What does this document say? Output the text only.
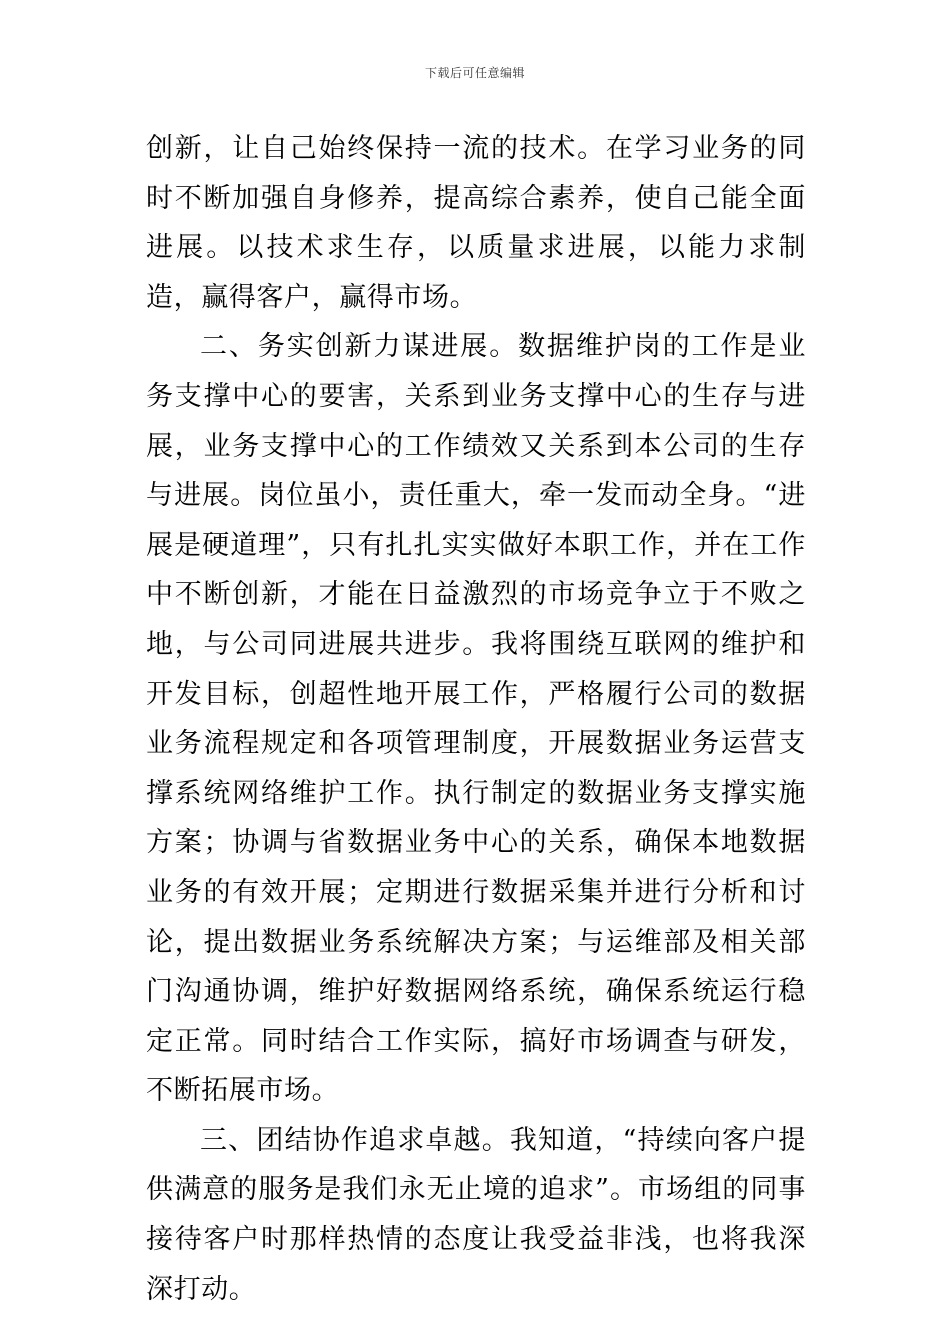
下载后可任意编辑

创新，让自己始终保持一流的技术。在学习业务的同时不断加强自身修养，提高综合素养，使自己能全面进展。以技术求生存，以质量求进展，以能力求制造，赢得客户，赢得市场。

二、务实创新力谋进展。数据维护岗的工作是业务支撑中心的要害，关系到业务支撑中心的生存与进展，业务支撑中心的工作绩效又关系到本公司的生存与进展。岗位虽小，责任重大，牵一发而动全身。“进展是硬道理”，只有扎扎实实做好本职工作，并在工作中不断创新，才能在日益激烈的市场竞争立于不败之地，与公司同进展共进步。我将围绕互联网的维护和开发目标，创超性地开展工作，严格履行公司的数据业务流程规定和各项管理制度，开展数据业务运营支撑系统网络维护工作。执行制定的数据业务支撑实施方案；协调与省数据业务中心的关系，确保本地数据业务的有效开展；定期进行数据采集并进行分析和讨论，提出数据业务系统解决方案；与运维部及相关部门沟通协调，维护好数据网络系统，确保系统运行稳定正常。同时结合工作实际，搞好市场调查与研发，不断拓展市场。

三、团结协作追求卓越。我知道，“持续向客户提供满意的服务是我们永无止境的追求”。市场组的同事接待客户时那样热情的态度让我受益非浅，也将我深深打动。
